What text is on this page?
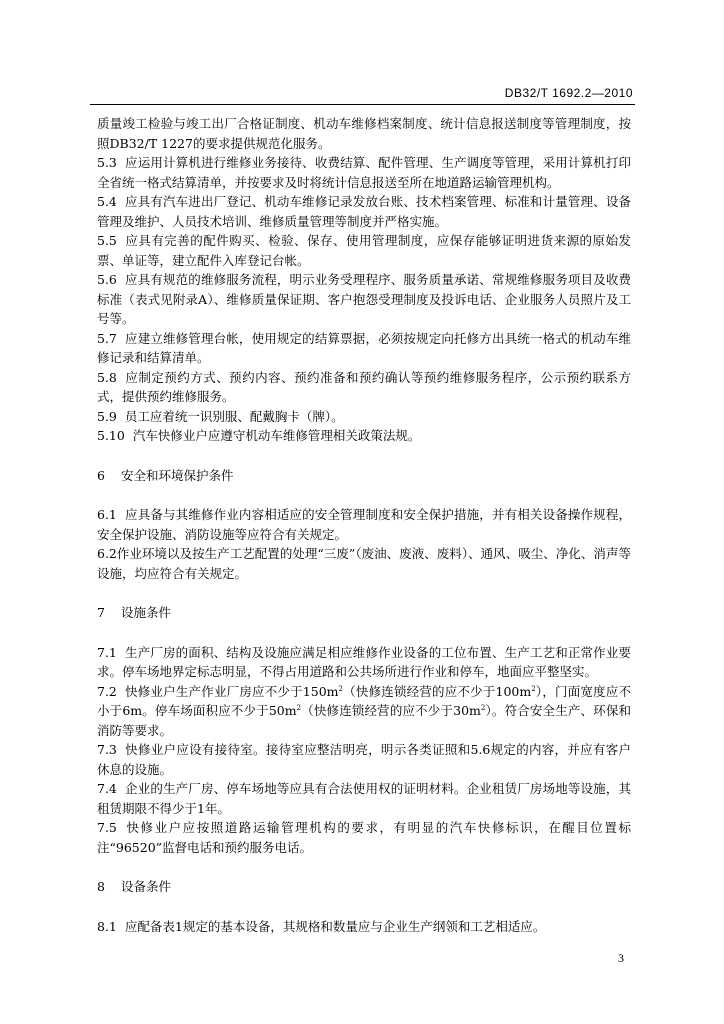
DB32/T 1692.2—2010

质量竣工检验与竣工出厂合格证制度、机动车维修档案制度、统计信息报送制度等管理制度，按照DB32/T 1227的要求提供规范化服务。

5.3 应运用计算机进行维修业务接待、收费结算、配件管理、生产调度等管理，采用计算机打印全省统一格式结算清单，并按要求及时将统计信息报送至所在地道路运输管理机构。

5.4 应具有汽车进出厂登记、机动车维修记录发放台账、技术档案管理、标准和计量管理、设备管理及维护、人员技术培训、维修质量管理等制度并严格实施。

5.5 应具有完善的配件购买、检验、保存、使用管理制度，应保存能够证明进货来源的原始发票、单证等，建立配件入库登记台帐。

5.6 应具有规范的维修服务流程，明示业务受理程序、服务质量承诺、常规维修服务项目及收费标准（表式见附录A）、维修质量保证期、客户抱怨受理制度及投诉电话、企业服务人员照片及工号等。

5.7 应建立维修管理台帐，使用规定的结算票据，必须按规定向托修方出具统一格式的机动车维修记录和结算清单。

5.8 应制定预约方式、预约内容、预约准备和预约确认等预约维修服务程序，公示预约联系方式，提供预约维修服务。

5.9 员工应着统一识别服、配戴胸卡（牌）。

5.10 汽车快修业户应遵守机动车维修管理相关政策法规。

6 安全和环境保护条件

6.1 应具备与其维修作业内容相适应的安全管理制度和安全保护措施，并有相关设备操作规程，安全保护设施、消防设施等应符合有关规定。

6.2作业环境以及按生产工艺配置的处理“三废”（废油、废液、废料）、通风、吸尘、净化、消声等设施，均应符合有关规定。

7 设施条件

7.1 生产厂房的面积、结构及设施应满足相应维修作业设备的工位布置、生产工艺和正常作业要求。停车场地界定标志明显，不得占用道路和公共场所进行作业和停车，地面应平整坚实。

7.2 快修业户生产作业厂房应不少于$150m^2$（快修连锁经营的应不少于$100m^2$），门面宽度应不小于6m。停车场面积应不少于$50m^2$（快修连锁经营的应不少于$30m^2$）。符合安全生产、环保和消防等要求。

7.3 快修业户应设有接待室。接待室应整洁明亮，明示各类证照和5.6规定的内容，并应有客户休息的设施。

7.4 企业的生产厂房、停车场地等应具有合法使用权的证明材料。企业租赁厂房场地等设施，其租赁期限不得少于1年。

7.5 快修业户应按照道路运输管理机构的要求，有明显的汽车快修标识，在醒目位置标注“96520”监督电话和预约服务电话。

8 设备条件

8.1 应配备表1规定的基本设备，其规格和数量应与企业生产纲领和工艺相适应。

3
